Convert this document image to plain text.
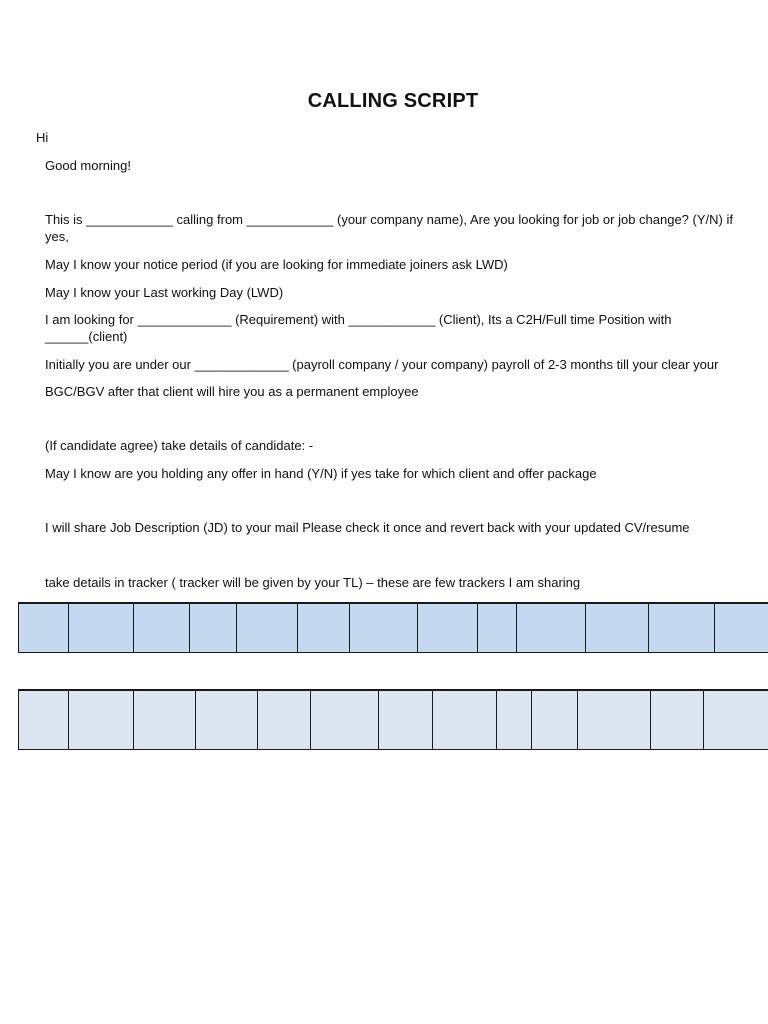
CALLING SCRIPT
Hi
Good morning!
This is ____________ calling from ____________ (your company name), Are you looking for job or job change? (Y/N) if yes,
May I know your notice period (if you are looking for immediate joiners ask LWD)
May I know your Last working Day (LWD)
I am looking for _____________ (Requirement) with ____________ (Client), Its a C2H/Full time Position with ______(client)
Initially you are under our _____________ (payroll company / your company) payroll of 2-3 months till your clear your
BGC/BGV after that client will hire you as a permanent employee
(If candidate agree) take details of candidate: -
May I know are you holding any offer in hand (Y/N) if yes take for which client and offer package
I will share Job Description (JD) to your mail Please check it once and revert back with your updated CV/resume
take details in tracker ( tracker will be given by your TL) – these are few trackers I am sharing
